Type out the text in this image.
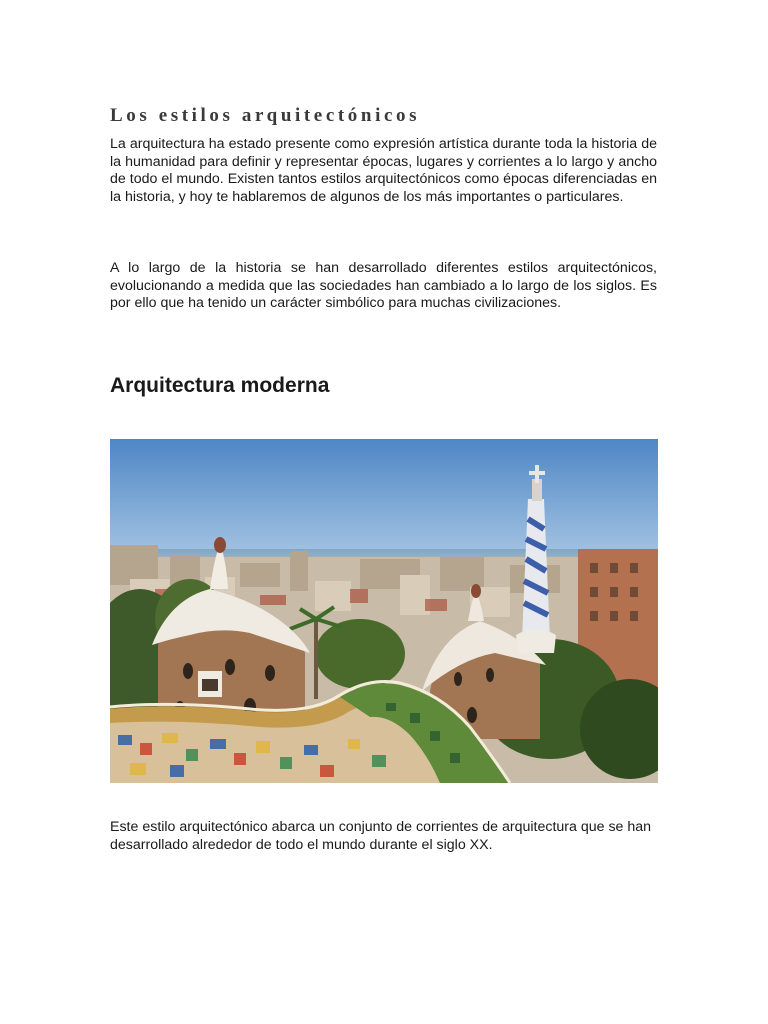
Los estilos arquitectónicos

La arquitectura ha estado presente como expresión artística durante toda la historia de la humanidad para definir y representar épocas, lugares y corrientes a lo largo y ancho de todo el mundo. Existen tantos estilos arquitectónicos como épocas diferenciadas en la historia, y hoy te hablaremos de algunos de los más importantes o particulares.

A lo largo de la historia se han desarrollado diferentes estilos arquitectónicos, evolucionando a medida que las sociedades han cambiado a lo largo de los siglos. Es por ello que ha tenido un carácter simbólico para muchas civilizaciones.

Arquitectura moderna

Este estilo arquitectónico abarca un conjunto de corrientes de arquitectura que se han desarrollado alrededor de todo el mundo durante el siglo XX.
